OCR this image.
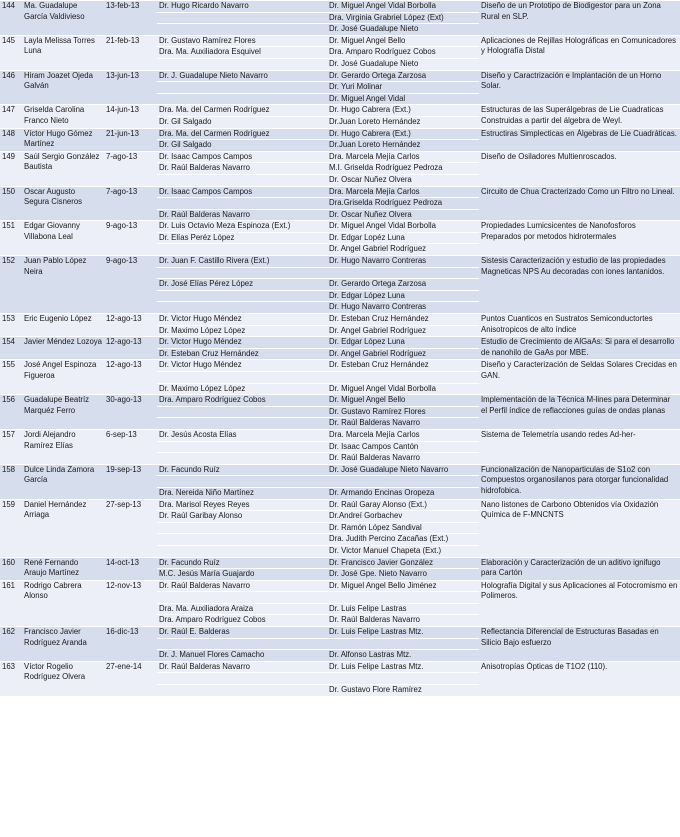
144	Ma. Guadalupe García Valdivieso	13-feb-13	Dr. Hugo Ricardo Navarro	Dr. Miguel Angel Vidal Borbolla	Diseño de un Prototipo de Biodigestor para un Zona Rural en SLP.
				Dra. Virginia Grabriel López (Ext)	
				Dr. José Guadalupe Nieto	
145	Layla Melissa Torres Luna	21-feb-13	Dr. Gustavo Ramírez Flores	Dr. Miguel Angel Bello	Aplicaciones de Rejillas Holográficas en Comunicadores y Holografía Distal
			Dra. Ma. Auxiliadora Esquivel	Dra. Amparo Rodríguez Cobos	
				Dr. José Guadalupe Nieto	
146	Hiram Joazet Ojeda Galván	13-jun-13	Dr. J. Guadalupe Nieto Navarro	Dr. Gerardo Ortega Zarzosa	Diseño y Caractrización e Implantación de un Horno Solar.
				Dr. Yuri Molinar	
				Dr. Miguel Angel Vidal	
147	Griselda Carolina Franco Nieto	14-jun-13	Dra. Ma. del Carmen Rodríguez	Dr. Hugo Cabrera (Ext.)	Estructuras de las Superálgebras de Lie Cuadraticas Construidas a partir del álgebra de Weyl.
			Dr. Gil Salgado	Dr.Juan Loreto Hernández	
148	Víctor Hugo Gómez Martínez	21-jun-13	Dra. Ma. del Carmen Rodríguez	Dr. Hugo Cabrera (Ext.)	Estructiras Simplecticas en Álgebras de Lie Cuadráticas.
			Dr. Gil Salgado	Dr.Juan Loreto Hernández	
149	Saúl Sergio González Bautista	7-ago-13	Dr. Isaac Campos Campos	Dra. Marcela Mejía Carlos	Diseño de Osiladores Multienroscados.
			Dr. Raúl Balderas Navarro	M.I. Griselda Rodríguez Pedroza	
				Dr. Oscar Nuñez Olvera	
150	Oscar Augusto Segura Cisneros	7-ago-13	Dr. Isaac Campos Campos	Dra. Marcela Mejía Carlos	Circuito de Chua Cracterizado Como un Filtro no Lineal.
				Dra.Griselda Rodríguez Pedroza	
			Dr. Raúl Balderas Navarro	Dr. Oscar Nuñez Olvera	
151	Edgar Giovanny Villabona Leal	9-ago-13	Dr. Luis Octavio Meza Espinoza (Ext.)	Dr. Miguel Angel Vidal Borbolla	Propiedades Lumicsicentes de Nanofosforos Preparados por metodos hidrotermales
			Dr. Elías Peréz López	Dr. Edgar Lopéz Luna	
				Dr. Angel Gabriel Rodríguez	
152	Juan Pablo López Neira	9-ago-13	Dr. Juan F. Castillo Rivera (Ext.)	Dr. Hugo Navarro Contreras	Sistesis Caracterización y estudio de las propiedades Magneticas NPS Au decoradas con iones lantanidos.

			Dr. José Elías Pérez López	Dr. Gerardo Ortega Zarzosa	
				Dr. Edgar López Luna	
				Dr. Hugo Navarro Contreras	
153	Eric Eugenio López	12-ago-13	Dr. Victor Hugo Méndez	Dr. Esteban Cruz Hernández	Puntos Cuanticos en Sustratos Semiconductortes Anisotropicos de alto índice
			Dr. Maximo López López	Dr. Angel Gabriel Rodríguez	
154	Javier Méndez Lozoya	12-ago-13	Dr. Victor Hugo Méndez	Dr. Edgar López Luna	Estudio de Crecimiento de AlGaAs: Si para el desarrollo de nanohilo de GaAs por MBE.
			Dr. Esteban Cruz Hernández	Dr. Angel Gabriel Rodríguez	
155	José Angel Espinoza Figueroa	12-ago-13	Dr. Victor Hugo Méndez	Dr. Esteban Cruz Hernández	Diseño y Caracterización de Seldas Solares Crecidas en GAN.

			Dr. Maximo López López	Dr. Miguel Angel Vidal Borbolla	
156	Guadalupe Beatríz Marquéz Ferro	30-ago-13	Dra. Amparo Rodríguez Cobos	Dr. Miguel Angel Bello	Implementación de la Técnica M-lines para Determinar el Perfil índice de reflacciones guías de ondas planas
				Dr. Gustavo Ramírez Flores	
				Dr. Raúl Balderas Navarro	
157	Jordi Alejandro Ramírez Elías	6-sep-13	Dr. Jesús Acosta Elías	Dra. Marcela Mejía Carlos	Sistema de Telemetría usando redes Ad-her-
				Dr. Isaac Campos Cantón	
				Dr. Raúl Balderas Navarro	
158	Dulce Linda Zamora García	19-sep-13	Dr. Facundo Ruíz	Dr. José Guadalupe Nieto Navarro	Funcionalización de Nanoparticulas de S1o2 con Compuestos organosilanos para otorgar funcionalidad hidrofobica.

			Dra. Nereida Niño Martínez	Dr. Armando Encinas Oropeza	
159	Daniel Hernández Arriaga	27-sep-13	Dra. Marisol Reyes Reyes	Dr. Raúl Garay Alonso (Ext.)	Nano listones de Carbono Obtenidos vía Oxidazión Química de F-MNCNTS
			Dr. Raúl Garibay Alonso	Dr.Andreí Gorbachev	
				Dr. Ramón López Sandival	
				Dra. Judith Percino Zacañas (Ext.)	
				Dr. Victor Manuel Chapeta (Ext.)	
160	René Fernando Araujo Martínez	14-oct-13	Dr. Facundo Ruíz	Dr. Francisco Javier González	Elaboración y Caracterización de un aditivo ignifugo para Cartón
			M.C. Jesús María Guajardo	Dr. José Gpe. Nieto Navarro	
161	Rodrigo Cabrera Alonso	12-nov-13	Dr. Raúl Balderas Navarro	Dr. Miguel Angel Bello Jiménez	Holografía Digital y sus Aplicaciones al Fotocromismo en Polimeros.

			Dra. Ma. Auxiliadora Araiza	Dr. Luis Felipe Lastras	
			Dra. Amparo Rodríguez Cobos	Dr. Raúl Balderas Navarro	
162	Francisco Javier Rodríguez Aranda	16-dic-13	Dr. Raúl E. Balderas	Dr. Luis Felipe Lastras Mtz.	Reflectancia Diferencial de Estructuras Basadas en Silicio Bajo esfuerzo

			Dr. J. Manuel Flores Camacho	Dr. Alfonso Lastras Mtz.	
163	Víctor Rogelio Rodríguez Olvera	27-ene-14	Dr. Raúl Balderas Navarro	Dr. Luis Felipe Lastras Mtz.	Anisotropías Ópticas de T1O2 (110).

				Dr. Gustavo Flore Ramírez	
